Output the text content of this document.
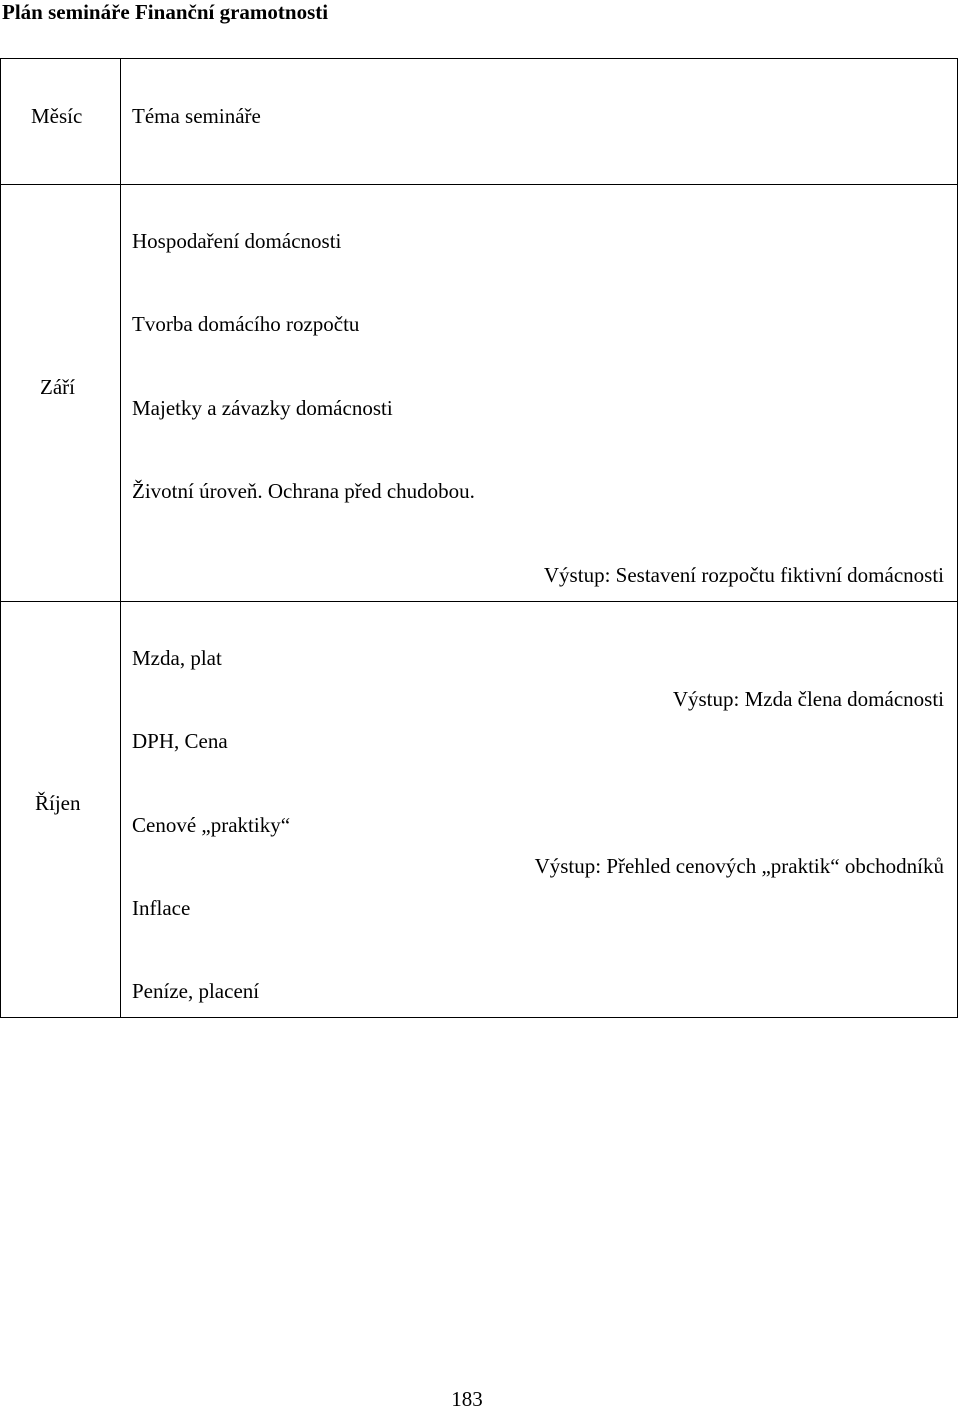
Plán semináře Finanční gramotnosti
Měsíc Téma semináře
Září
Hospodaření domácnosti
Tvorba domácího rozpočtu
Majetky a závazky domácnosti
Životní úroveň. Ochrana před chudobou.
Výstup: Sestavení rozpočtu fiktivní domácnosti
Říjen
Mzda, plat
Výstup: Mzda člena domácnosti
DPH, Cena
Cenové „praktiky“
Výstup: Přehled cenových „praktik“ obchodníků
Inflace
Peníze, placení
183
